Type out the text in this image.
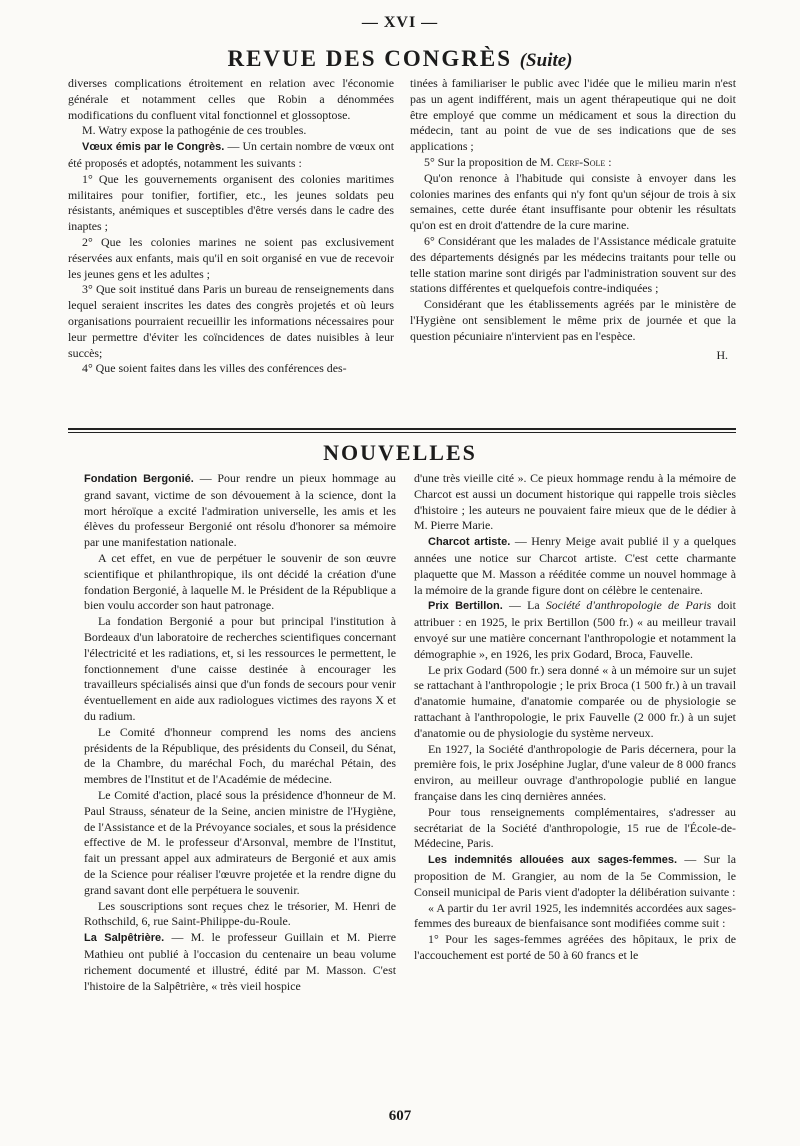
— XVI —
REVUE DES CONGRÈS (Suite)

diverses complications étroitement en relation avec l'économie générale et notamment celles que Robin a dénommées modifications du confluent vital fonctionnel et glossoptose.

M. Watry expose la pathogénie de ces troubles.

Vœux émis par le Congrès. — Un certain nombre de vœux ont été proposés et adoptés, notamment les suivants :

1° Que les gouvernements organisent des colonies maritimes militaires pour tonifier, fortifier, etc., les jeunes soldats peu résistants, anémiques et susceptibles d'être versés dans le cadre des inaptes ;

2° Que les colonies marines ne soient pas exclusivement réservées aux enfants, mais qu'il en soit organisé en vue de recevoir les jeunes gens et les adultes ;

3° Que soit institué dans Paris un bureau de renseignements dans lequel seraient inscrites les dates des congrès projetés et où leurs organisations pourraient recueillir les informations nécessaires pour leur permettre d'éviter les coïncidences de dates nuisibles à leur succès;

4° Que soient faites dans les villes des conférences des-

tinées à familiariser le public avec l'idée que le milieu marin n'est pas un agent indifférent, mais un agent thérapeutique qui ne doit être employé que comme un médicament et sous la direction du médecin, tant au point de vue de ses indications que de ses applications ;

5° Sur la proposition de M. Cerf-Sole :

Qu'on renonce à l'habitude qui consiste à envoyer dans les colonies marines des enfants qui n'y font qu'un séjour de trois à six semaines, cette durée étant insuffisante pour obtenir les résultats qu'on est en droit d'attendre de la cure marine.

6° Considérant que les malades de l'Assistance médicale gratuite des départements désignés par les médecins traitants pour telle ou telle station marine sont dirigés par l'administration souvent sur des stations différentes et quelquefois contre-indiquées ;

Considérant que les établissements agréés par le ministère de l'Hygiène ont sensiblement le même prix de journée et que la question pécuniaire n'intervient pas en l'espèce.

H.

NOUVELLES

Fondation Bergonié. — Pour rendre un pieux hommage au grand savant, victime de son dévouement à la science, dont la mort héroïque a excité l'admiration universelle, les amis et les élèves du professeur Bergonié ont résolu d'honorer sa mémoire par une manifestation nationale.

A cet effet, en vue de perpétuer le souvenir de son œuvre scientifique et philanthropique, ils ont décidé la création d'une fondation Bergonié, à laquelle M. le Président de la République a bien voulu accorder son haut patronage.

La fondation Bergonié a pour but principal l'institution à Bordeaux d'un laboratoire de recherches scientifiques concernant l'électricité et les radiations, et, si les ressources le permettent, le fonctionnement d'une caisse destinée à encourager les travailleurs spécialisés ainsi que d'un fonds de secours pour venir éventuellement en aide aux radiologues victimes des rayons X et du radium.

Le Comité d'honneur comprend les noms des anciens présidents de la République, des présidents du Conseil, du Sénat, de la Chambre, du maréchal Foch, du maréchal Pétain, des membres de l'Institut et de l'Académie de médecine.

Le Comité d'action, placé sous la présidence d'honneur de M. Paul Strauss, sénateur de la Seine, ancien ministre de l'Hygiène, de l'Assistance et de la Prévoyance sociales, et sous la présidence effective de M. le professeur d'Arsonval, membre de l'Institut, fait un pressant appel aux admirateurs de Bergonié et aux amis de la Science pour réaliser l'œuvre projetée et la rendre digne du grand savant dont elle perpétuera le souvenir.

Les souscriptions sont reçues chez le trésorier, M. Henri de Rothschild, 6, rue Saint-Philippe-du-Roule.

La Salpêtrière. — M. le professeur Guillain et M. Pierre Mathieu ont publié à l'occasion du centenaire un beau volume richement documenté et illustré, édité par M. Masson. C'est l'histoire de la Salpêtrière, « très vieil hospice

d'une très vieille cité ». Ce pieux hommage rendu à la mémoire de Charcot est aussi un document historique qui rappelle trois siècles d'histoire ; les auteurs ne pouvaient faire mieux que de le dédier à M. Pierre Marie.

Charcot artiste. — Henry Meige avait publié il y a quelques années une notice sur Charcot artiste. C'est cette charmante plaquette que M. Masson a rééditée comme un nouvel hommage à la mémoire de la grande figure dont on célèbre le centenaire.

Prix Bertillon. — La Société d'anthropologie de Paris doit attribuer : en 1925, le prix Bertillon (500 fr.) « au meilleur travail envoyé sur une matière concernant l'anthropologie et notamment la démographie », en 1926, les prix Godard, Broca, Fauvelle.

Le prix Godard (500 fr.) sera donné « à un mémoire sur un sujet se rattachant à l'anthropologie ; le prix Broca (1 500 fr.) à un travail d'anatomie humaine, d'anatomie comparée ou de physiologie se rattachant à l'anthropologie, le prix Fauvelle (2 000 fr.) à un sujet d'anatomie ou de physiologie du système nerveux.

En 1927, la Société d'anthropologie de Paris décernera, pour la première fois, le prix Joséphine Juglar, d'une valeur de 8 000 francs environ, au meilleur ouvrage d'anthropologie publié en langue française dans les cinq dernières années.

Pour tous renseignements complémentaires, s'adresser au secrétariat de la Société d'anthropologie, 15 rue de l'École-de-Médecine, Paris.

Les indemnités allouées aux sages-femmes. — Sur la proposition de M. Grangier, au nom de la 5e Commission, le Conseil municipal de Paris vient d'adopter la délibération suivante :

« A partir du 1er avril 1925, les indemnités accordées aux sages-femmes des bureaux de bienfaisance sont modifiées comme suit :

1° Pour les sages-femmes agréées des hôpitaux, le prix de l'accouchement est porté de 50 à 60 francs et le

607
